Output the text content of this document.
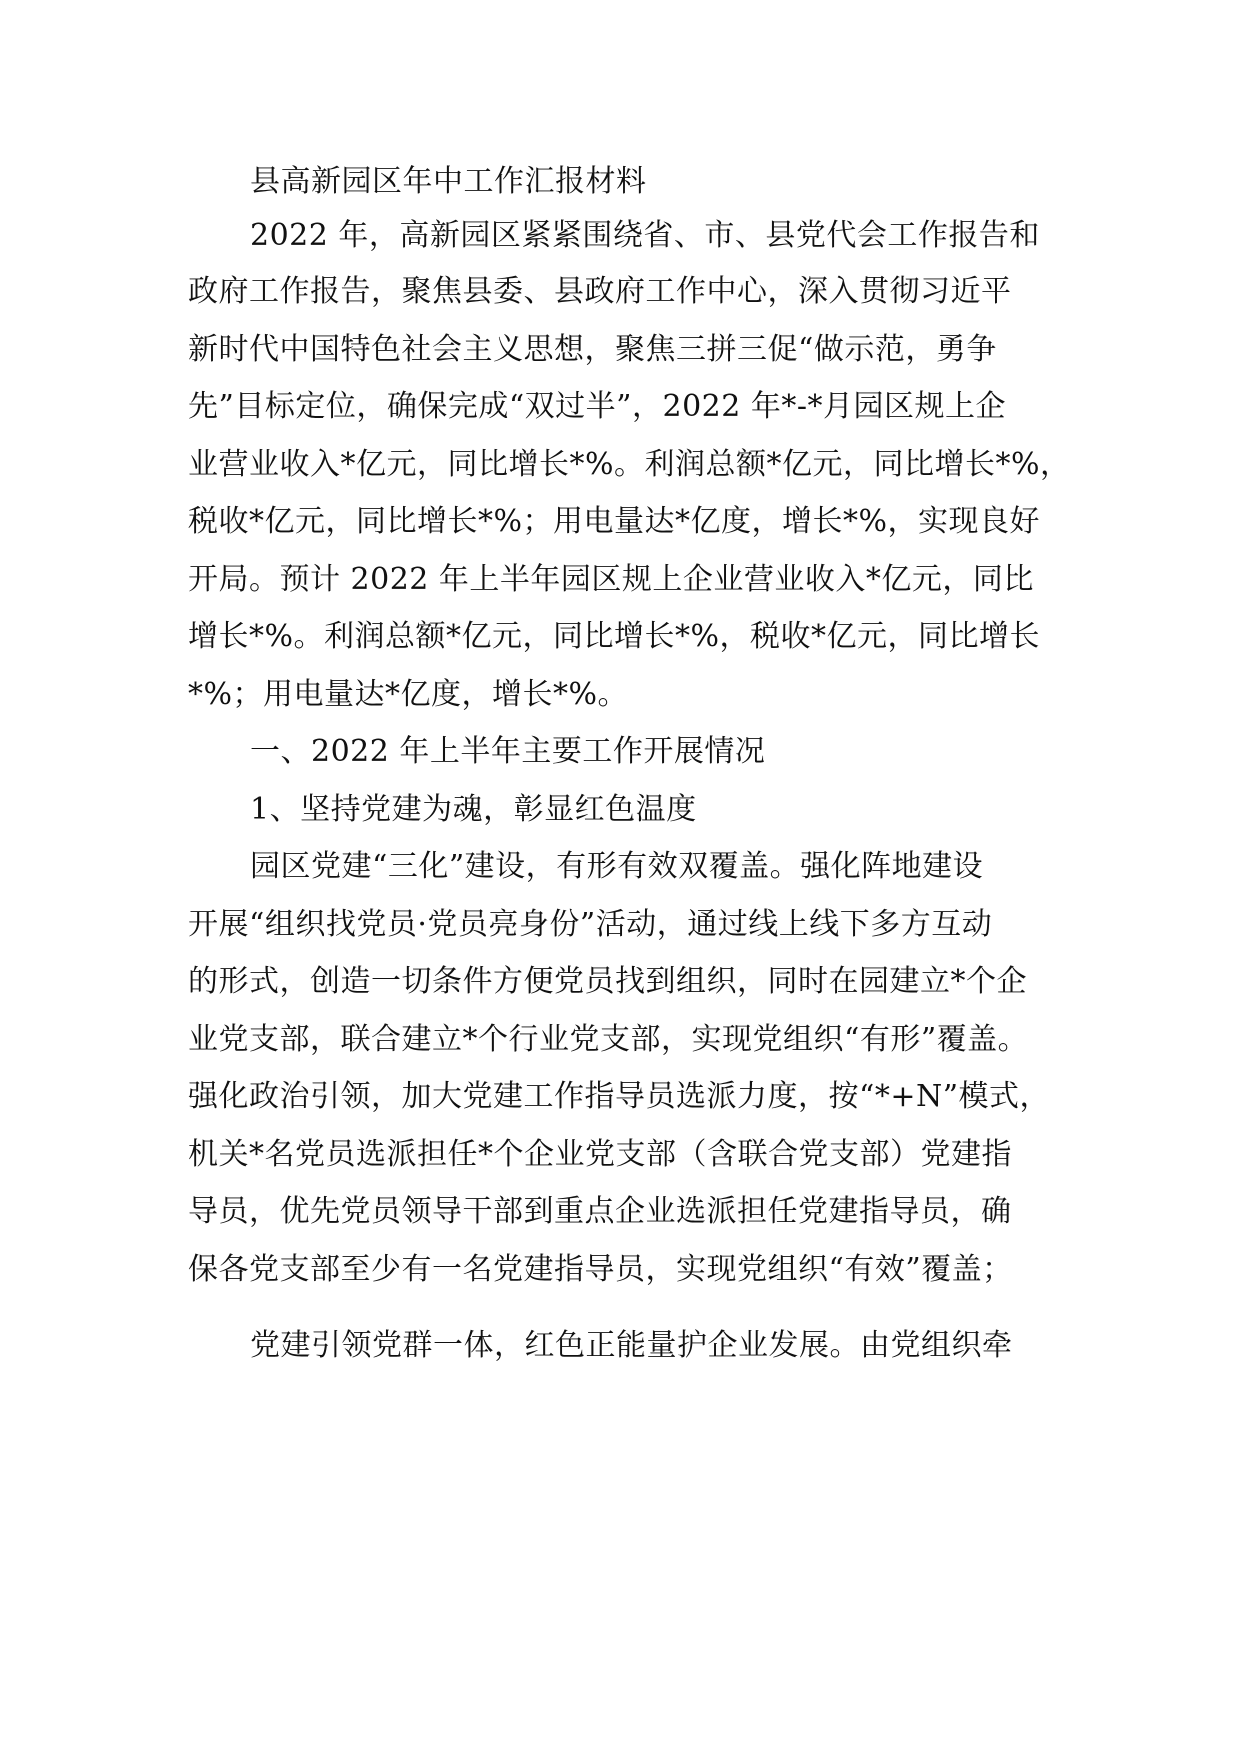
县高新园区年中工作汇报材料
2022 年，高新园区紧紧围绕省、市、县党代会工作报告和
政府工作报告，聚焦县委、县政府工作中心，深入贯彻习近平
新时代中国特色社会主义思想，聚焦三拼三促“做示范，勇争
先”目标定位，确保完成“双过半”，2022 年*-*月园区规上企
业营业收入*亿元，同比增长*%。利润总额*亿元，同比增长*%，
税收*亿元，同比增长*%；用电量达*亿度，增长*%，实现良好
开局。预计 2022 年上半年园区规上企业营业收入*亿元，同比
增长*%。利润总额*亿元，同比增长*%，税收*亿元，同比增长
*%；用电量达*亿度，增长*%。
一、2022 年上半年主要工作开展情况
1、坚持党建为魂，彰显红色温度
园区党建“三化”建设，有形有效双覆盖。强化阵地建设
开展“组织找党员·党员亮身份”活动，通过线上线下多方互动
的形式，创造一切条件方便党员找到组织，同时在园建立*个企
业党支部，联合建立*个行业党支部，实现党组织“有形”覆盖。
强化政治引领，加大党建工作指导员选派力度，按“*+N”模式，
机关*名党员选派担任*个企业党支部（含联合党支部）党建指
导员，优先党员领导干部到重点企业选派担任党建指导员，确
保各党支部至少有一名党建指导员，实现党组织“有效”覆盖；
党建引领党群一体，红色正能量护企业发展。由党组织牵
